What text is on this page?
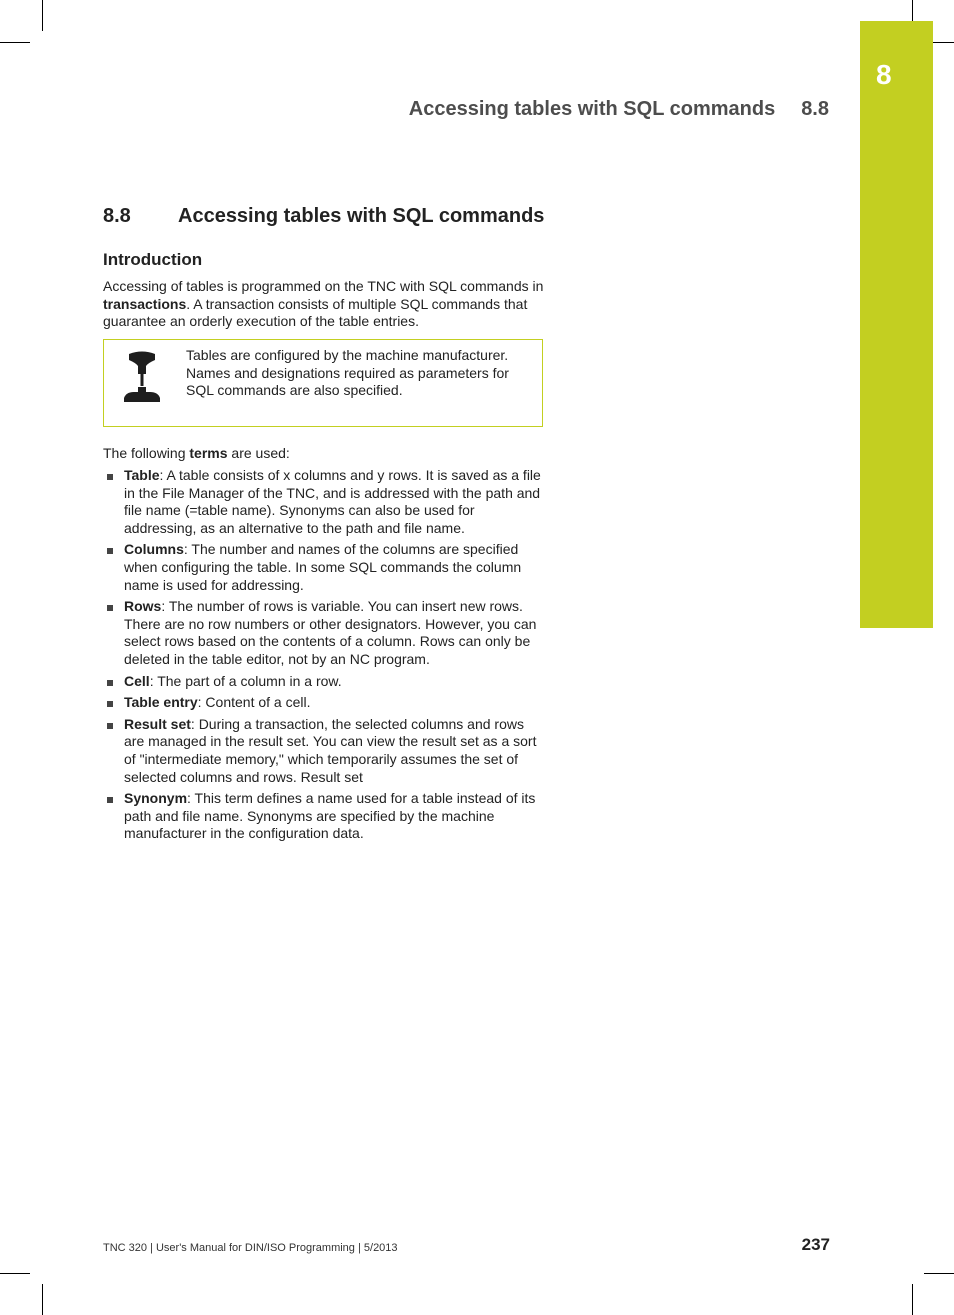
8
Accessing tables with SQL commands 8.8
8.8 Accessing tables with SQL commands
Introduction
Accessing of tables is programmed on the TNC with SQL commands in transactions. A transaction consists of multiple SQL commands that guarantee an orderly execution of the table entries.
Tables are configured by the machine manufacturer. Names and designations required as parameters for SQL commands are also specified.
The following terms are used:
Table: A table consists of x columns and y rows. It is saved as a file in the File Manager of the TNC, and is addressed with the path and file name (=table name). Synonyms can also be used for addressing, as an alternative to the path and file name.
Columns: The number and names of the columns are specified when configuring the table. In some SQL commands the column name is used for addressing.
Rows: The number of rows is variable. You can insert new rows. There are no row numbers or other designators. However, you can select rows based on the contents of a column. Rows can only be deleted in the table editor, not by an NC program.
Cell: The part of a column in a row.
Table entry: Content of a cell.
Result set: During a transaction, the selected columns and rows are managed in the result set. You can view the result set as a sort of "intermediate memory," which temporarily assumes the set of selected columns and rows. Result set
Synonym: This term defines a name used for a table instead of its path and file name. Synonyms are specified by the machine manufacturer in the configuration data.
TNC 320 | User's Manual for DIN/ISO Programming | 5/2013	237
